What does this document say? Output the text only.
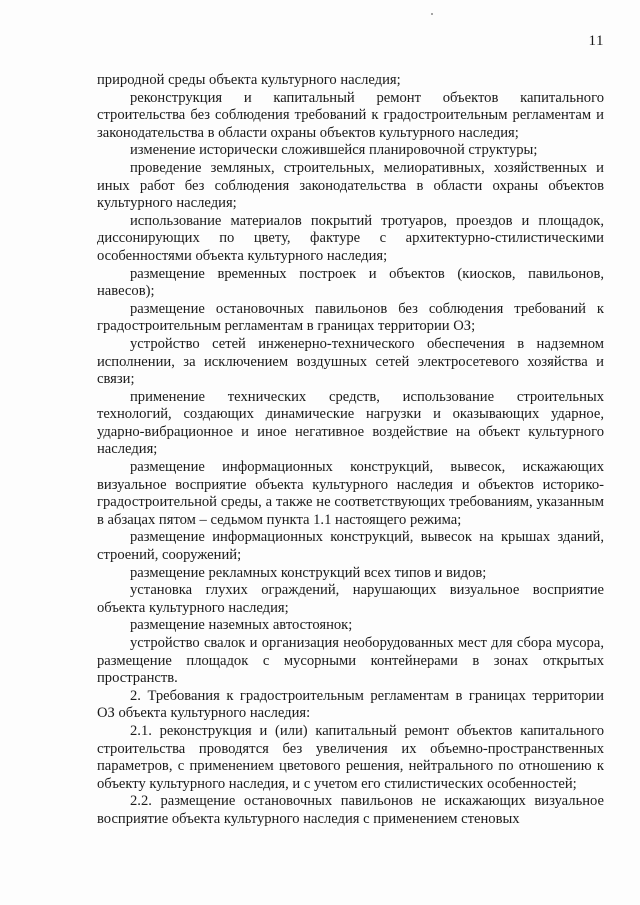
11

природной среды объекта культурного наследия;

реконструкция и капитальный ремонт объектов капитального строительства без соблюдения требований к градостроительным регламентам и законодательства в области охраны объектов культурного наследия;

изменение исторически сложившейся планировочной структуры;

проведение земляных, строительных, мелиоративных, хозяйственных и иных работ без соблюдения законодательства в области охраны объектов культурного наследия;

использование материалов покрытий тротуаров, проездов и площадок, диссонирующих по цвету, фактуре с архитектурно-стилистическими особенностями объекта культурного наследия;

размещение временных построек и объектов (киосков, павильонов, навесов);

размещение остановочных павильонов без соблюдения требований к градостроительным регламентам в границах территории ОЗ;

устройство сетей инженерно-технического обеспечения в надземном исполнении, за исключением воздушных сетей электросетевого хозяйства и связи;

применение технических средств, использование строительных технологий, создающих динамические нагрузки и оказывающих ударное, ударно-вибрационное и иное негативное воздействие на объект культурного наследия;

размещение информационных конструкций, вывесок, искажающих визуальное восприятие объекта культурного наследия и объектов историко-градостроительной среды, а также не соответствующих требованиям, указанным в абзацах пятом – седьмом пункта 1.1 настоящего режима;

размещение информационных конструкций, вывесок на крышах зданий, строений, сооружений;

размещение рекламных конструкций всех типов и видов;

установка глухих ограждений, нарушающих визуальное восприятие объекта культурного наследия;

размещение наземных автостоянок;

устройство свалок и организация необорудованных мест для сбора мусора, размещение площадок с мусорными контейнерами в зонах открытых пространств.

2. Требования к градостроительным регламентам в границах территории ОЗ объекта культурного наследия:

2.1. реконструкция и (или) капитальный ремонт объектов капитального строительства проводятся без увеличения их объемно-пространственных параметров, с применением цветового решения, нейтрального по отношению к объекту культурного наследия, и с учетом его стилистических особенностей;

2.2. размещение остановочных павильонов не искажающих визуальное восприятие объекта культурного наследия с применением стеновых
